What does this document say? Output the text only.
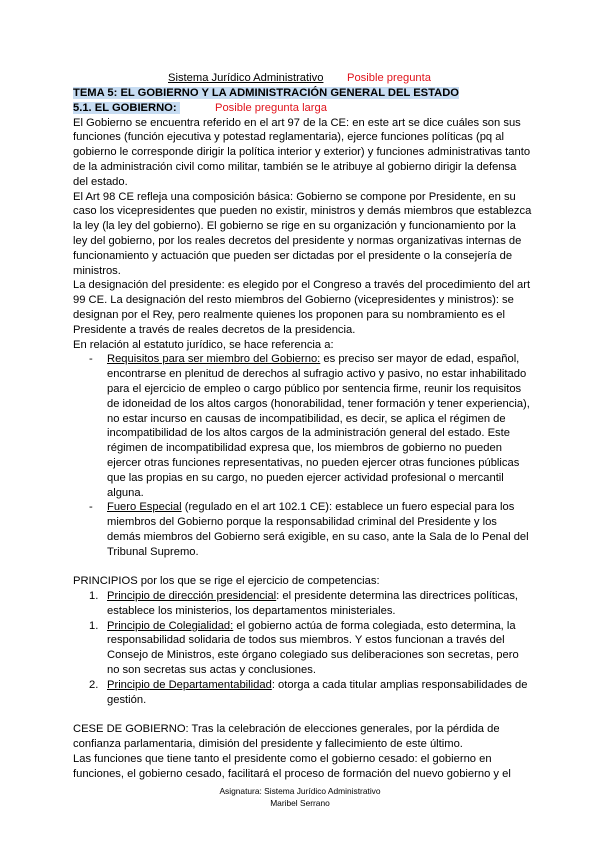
Sistema Jurídico Administrativo Posible pregunta
TEMA 5: EL GOBIERNO Y LA ADMINISTRACIÓN GENERAL DEL ESTADO
5.1. EL GOBIERNO:	Posible pregunta larga

El Gobierno se encuentra referido en el art 97 de la CE: en este art se dice cuáles son sus funciones (función ejecutiva y potestad reglamentaria), ejerce funciones políticas (pq al gobierno le corresponde dirigir la política interior y exterior) y funciones administrativas tanto de la administración civil como militar, también se le atribuye al gobierno dirigir la defensa del estado.

El Art 98 CE refleja una composición básica: Gobierno se compone por Presidente, en su caso los vicepresidentes que pueden no existir, ministros y demás miembros que establezca la ley (la ley del gobierno). El gobierno se rige en su organización y funcionamiento por la ley del gobierno, por los reales decretos del presidente y normas organizativas internas de funcionamiento y actuación que pueden ser dictadas por el presidente o la consejería de ministros.

La designación del presidente: es elegido por el Congreso a través del procedimiento del art 99 CE. La designación del resto miembros del Gobierno (vicepresidentes y ministros): se designan por el Rey, pero realmente quienes los proponen para su nombramiento es el Presidente a través de reales decretos de la presidencia.

En relación al estatuto jurídico, se hace referencia a:

- Requisitos para ser miembro del Gobierno: es preciso ser mayor de edad, español, encontrarse en plenitud de derechos al sufragio activo y pasivo, no estar inhabilitado para el ejercicio de empleo o cargo público por sentencia firme, reunir los requisitos de idoneidad de los altos cargos (honorabilidad, tener formación y tener experiencia), no estar incurso en causas de incompatibilidad, es decir, se aplica el régimen de incompatibilidad de los altos cargos de la administración general del estado. Este régimen de incompatibilidad expresa que, los miembros de gobierno no pueden ejercer otras funciones representativas, no pueden ejercer otras funciones públicas que las propias en su cargo, no pueden ejercer actividad profesional o mercantil alguna.
- Fuero Especial (regulado en el art 102.1 CE): establece un fuero especial para los miembros del Gobierno porque la responsabilidad criminal del Presidente y los demás miembros del Gobierno será exigible, en su caso, ante la Sala de lo Penal del Tribunal Supremo.

PRINCIPIOS por los que se rige el ejercicio de competencias:

1. Principio de dirección presidencial: el presidente determina las directrices políticas, establece los ministerios, los departamentos ministeriales.
1. Principio de Colegialidad: el gobierno actúa de forma colegiada, esto determina, la responsabilidad solidaria de todos sus miembros. Y estos funcionan a través del Consejo de Ministros, este órgano colegiado sus deliberaciones son secretas, pero no son secretas sus actas y conclusiones.
2. Principio de Departamentabilidad: otorga a cada titular amplias responsabilidades de gestión.

CESE DE GOBIERNO: Tras la celebración de elecciones generales, por la pérdida de confianza parlamentaria, dimisión del presidente y fallecimiento de este último.

Las funciones que tiene tanto el presidente como el gobierno cesado: el gobierno en funciones, el gobierno cesado, facilitará el proceso de formación del nuevo gobierno y el

Asignatura: Sistema Jurídico Administrativo
Maribel Serrano
